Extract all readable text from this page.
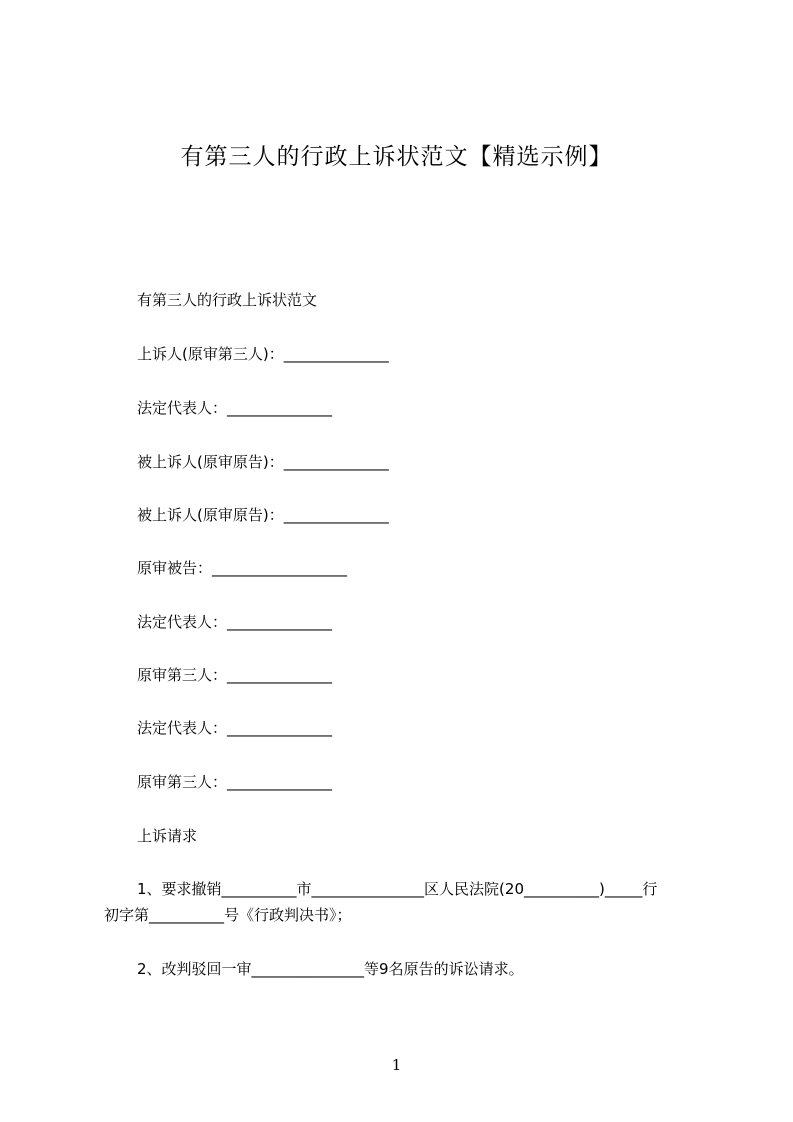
有第三人的行政上诉状范文【精选示例】
有第三人的行政上诉状范文
上诉人(原审第三人)：______________
法定代表人：______________
被上诉人(原审原告)：______________
被上诉人(原审原告)：______________
原审被告：__________________
法定代表人：______________
原审第三人：______________
法定代表人：______________
原审第三人：______________
上诉请求
1、要求撤销__________市_______________区人民法院(20__________)_____行
初字第__________号《行政判决书》；
2、改判驳回一审_______________等9名原告的诉讼请求。
1
